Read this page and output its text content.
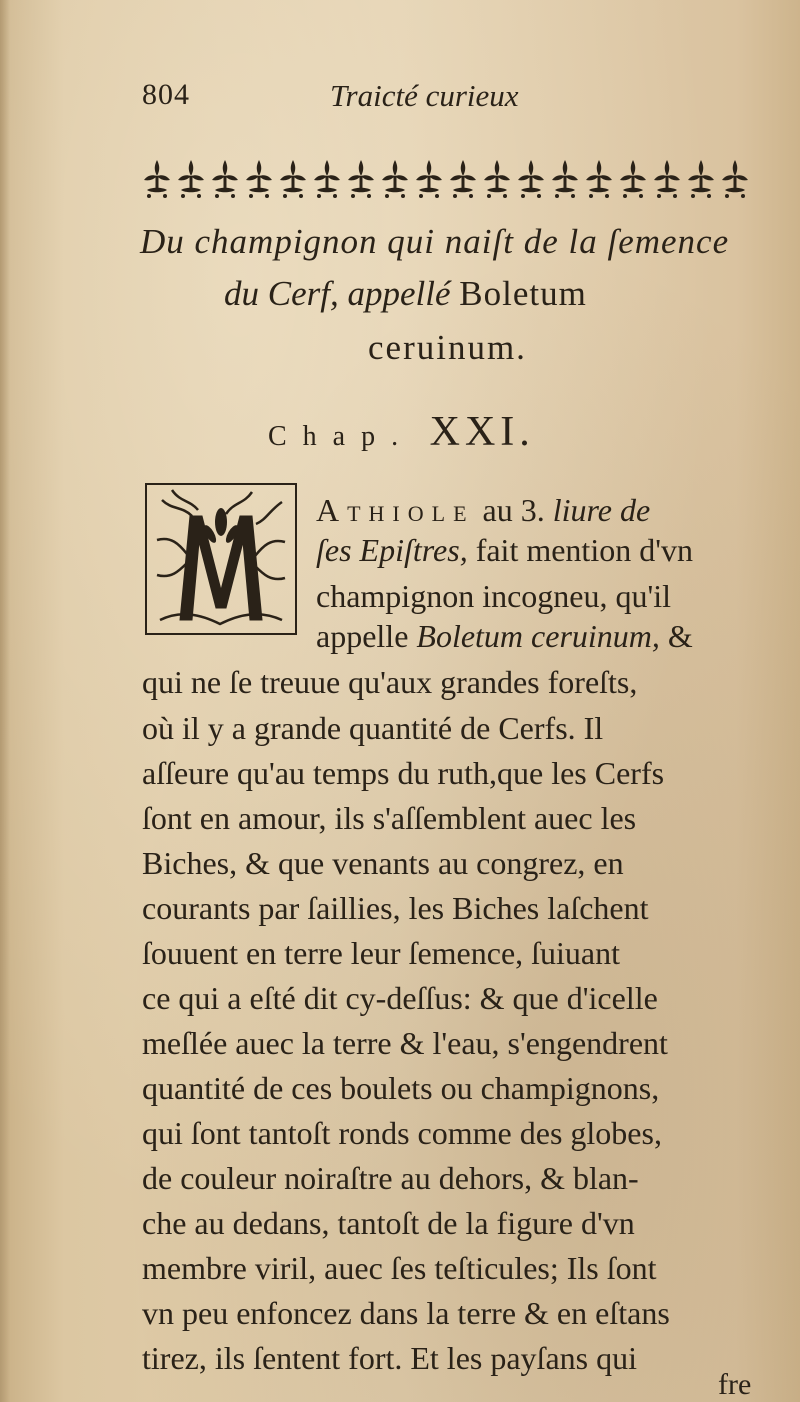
804	Traicté curieux
Du champignon qui naiſt de la ſemence
du Cerf, appellé Boletum
ceruinum.
Chap. XXI.
Athiole au 3. liure de
ſes Epiſtres, fait mention d'vn
champignon incogneu, qu'il
appelle Boletum ceruinum, &
qui ne ſe treuue qu'aux grandes foreſts,
où il y a grande quantité de Cerfs. Il
aſſeure qu'au temps du ruth,que les Cerfs
ſont en amour, ils s'aſſemblent auec les
Biches, & que venants au congrez, en
courants par ſaillies, les Biches laſchent
ſouuent en terre leur ſemence, ſuiuant
ce qui a eſté dit cy-deſſus: & que d'icelle
meſlée auec la terre & l'eau, s'engendrent
quantité de ces boulets ou champignons,
qui ſont tantoſt ronds comme des globes,
de couleur noiraſtre au dehors, & blan-
che au dedans, tantoſt de la figure d'vn
membre viril, auec ſes teſticules; Ils ſont
vn peu enfoncez dans la terre & en eſtans
tirez, ils ſentent fort. Et les payſans qui
fre
